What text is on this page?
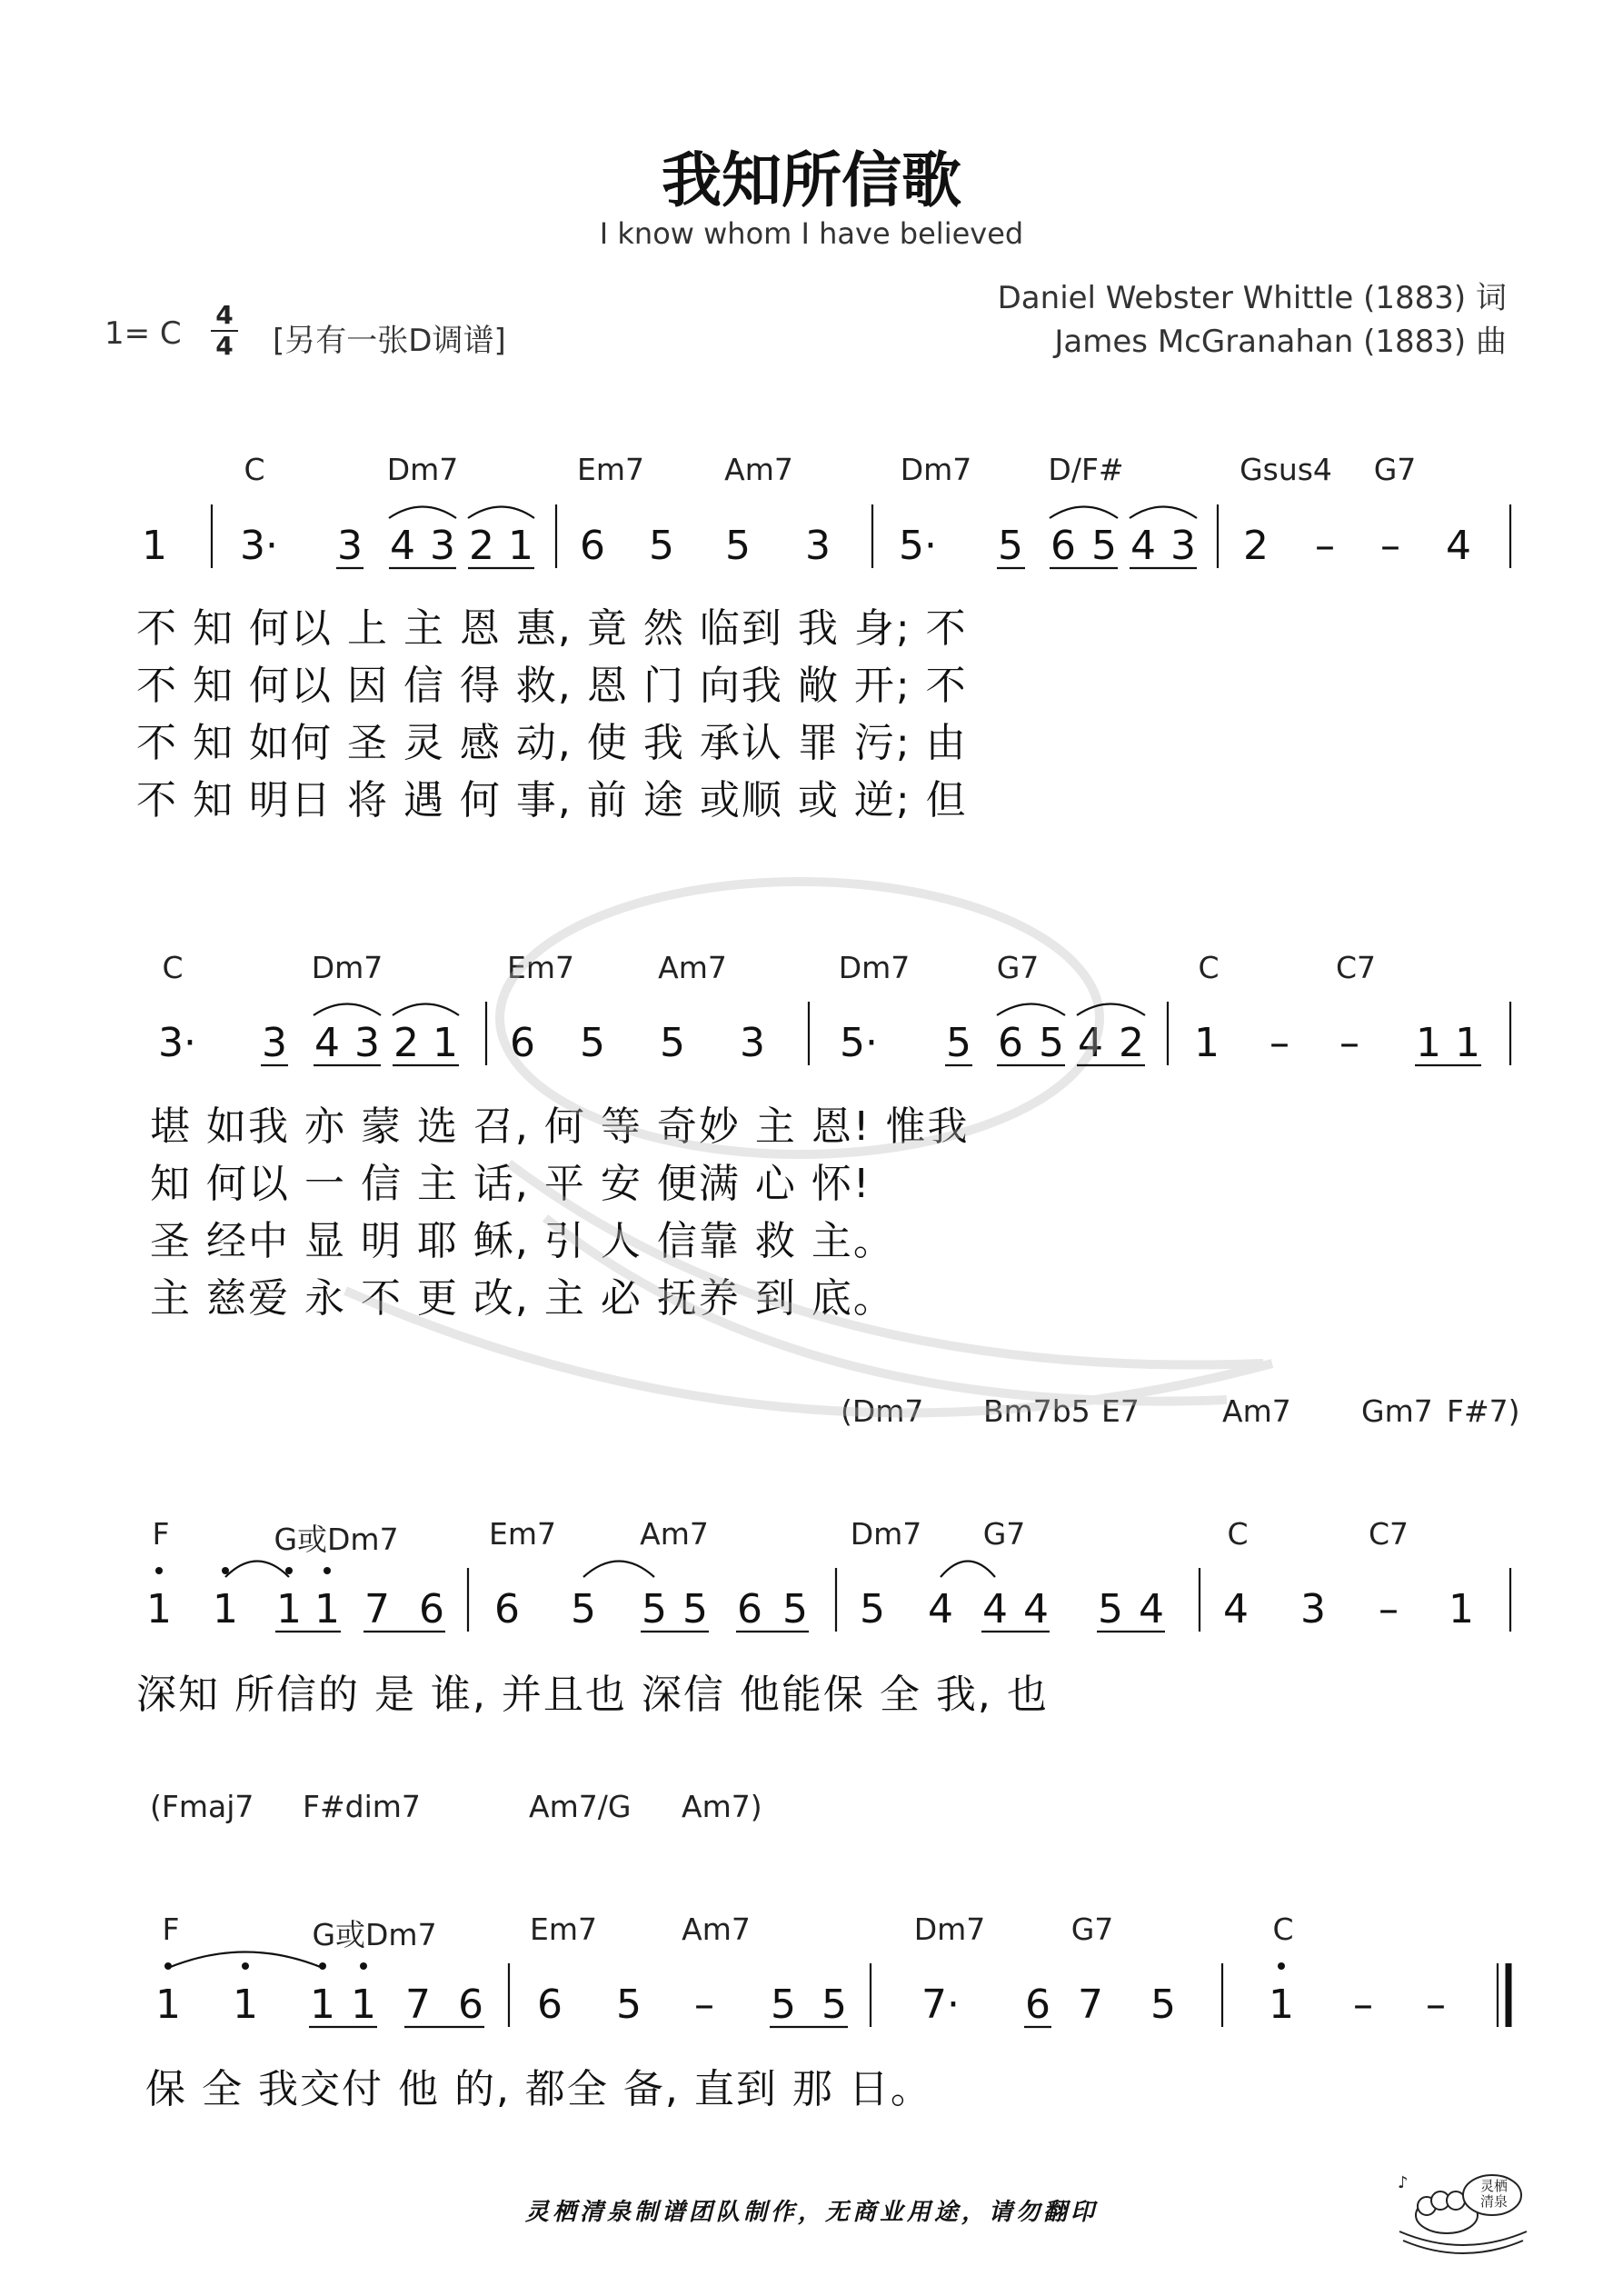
我知所信歌
I know whom I have believed
Daniel Webster Whittle (1883) 词
James McGranahan (1883) 曲
1= C
4
4 [另有一张D调谱]
C	Dm7	Em7	Am7	Dm7	D/F#	Gsus4 G7
1 3· 3 4 3 2 1 6 5 5 3 5· 5 6 5 4 3 2 – – 4
不 知 何以 上 主 恩 惠, 竟 然 临到 我 身; 不
不 知 何以 因 信 得 救, 恩 门 向我 敞 开; 不
不 知 如何 圣 灵 感 动, 使 我 承认 罪 污; 由
不 知 明日 将 遇 何 事, 前 途 或顺 或 逆; 但
C	Dm7	Em7	Am7	Dm7	G7	C	C7
3· 3 4 3 2 1 6 5 5 3 5· 5 6 5 4 2 1 – – 1 1
堪 如我 亦 蒙 选 召, 何 等 奇妙 主 恩! 惟我
知 何以 一 信 主 话, 平 安 便满 心 怀!
圣 经中 显 明 耶 稣, 引 人 信靠 救 主。
主 慈爱 永 不 更 改, 主 必 抚养 到 底。
(Dm7 Bm7b5 E7	Am7 Gm7 F#7)
F	G或Dm7	Em7	Am7	Dm7 G7	C	C7
1 1 1 1 7 6 6 5 5 5 6 5 5 4 4 4 5 4 4 3 – 1
深知 所信的 是 谁, 并且也 深信 他能保 全 我, 也
(Fmaj7 F#dim7	Am7/G Am7)
F	G或Dm7	Em7	Am7	Dm7	G7	C
1 1 1 1 7 6 6 5 – 5 5 7· 6 7 5 1 – –
保 全 我交付 他 的, 都全 备, 直到 那 日。
灵栖清泉制谱团队制作，无商业用途，请勿翻印
♪	灵栖清泉
